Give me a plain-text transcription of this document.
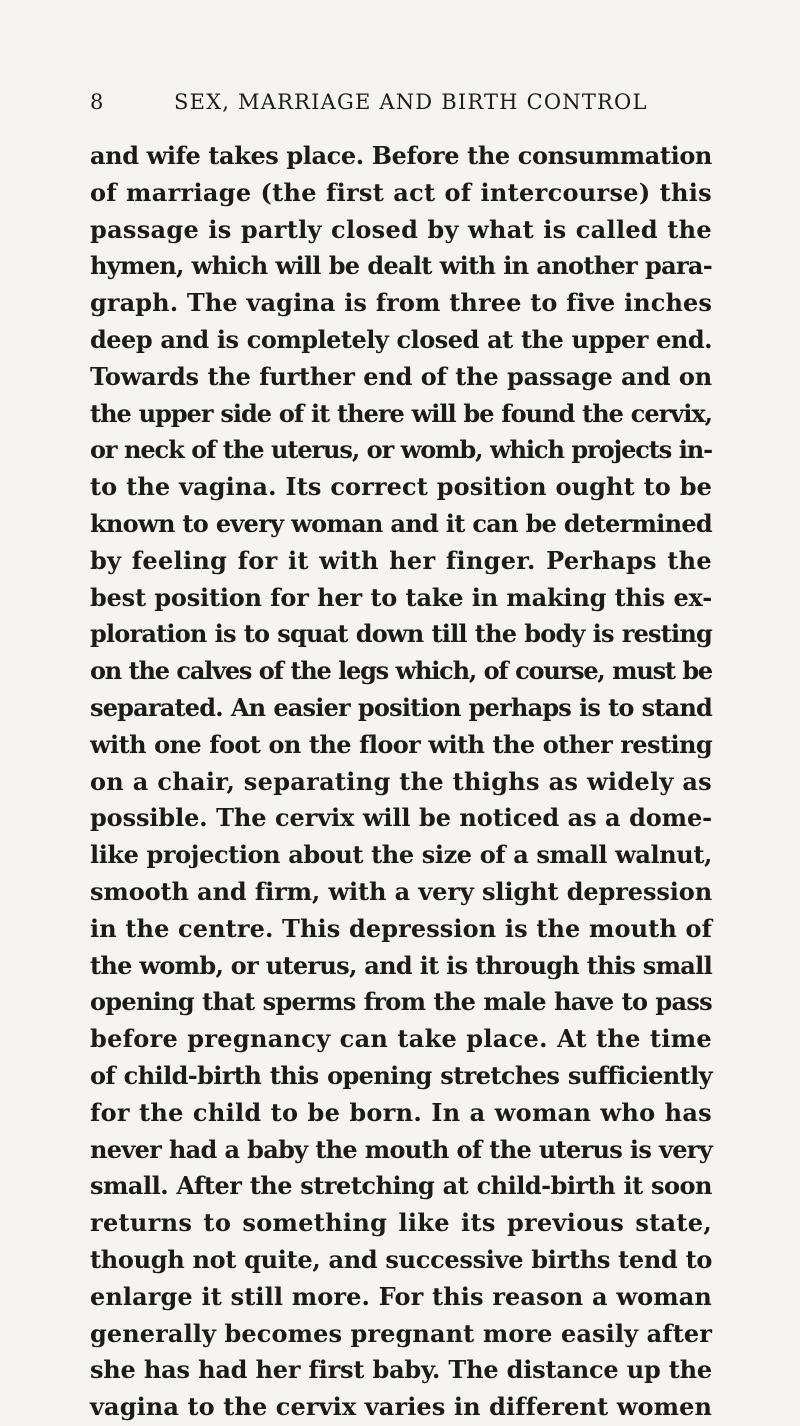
8	SEX, MARRIAGE AND BIRTH CONTROL
and wife takes place. Before the consummation
of marriage (the first act of intercourse) this
passage is partly closed by what is called the
hymen, which will be dealt with in another para-
graph. The vagina is from three to five inches
deep and is completely closed at the upper end.
Towards the further end of the passage and on
the upper side of it there will be found the cervix,
or neck of the uterus, or womb, which projects in-
to the vagina. Its correct position ought to be
known to every woman and it can be determined
by feeling for it with her finger. Perhaps the
best position for her to take in making this ex-
ploration is to squat down till the body is resting
on the calves of the legs which, of course, must be
separated. An easier position perhaps is to stand
with one foot on the floor with the other resting
on a chair, separating the thighs as widely as
possible. The cervix will be noticed as a dome-
like projection about the size of a small walnut,
smooth and firm, with a very slight depression
in the centre. This depression is the mouth of
the womb, or uterus, and it is through this small
opening that sperms from the male have to pass
before pregnancy can take place. At the time
of child-birth this opening stretches sufficiently
for the child to be born. In a woman who has
never had a baby the mouth of the uterus is very
small. After the stretching at child-birth it soon
returns to something like its previous state,
though not quite, and successive births tend to
enlarge it still more. For this reason a woman
generally becomes pregnant more easily after
she has had her first baby. The distance up the
vagina to the cervix varies in different women
